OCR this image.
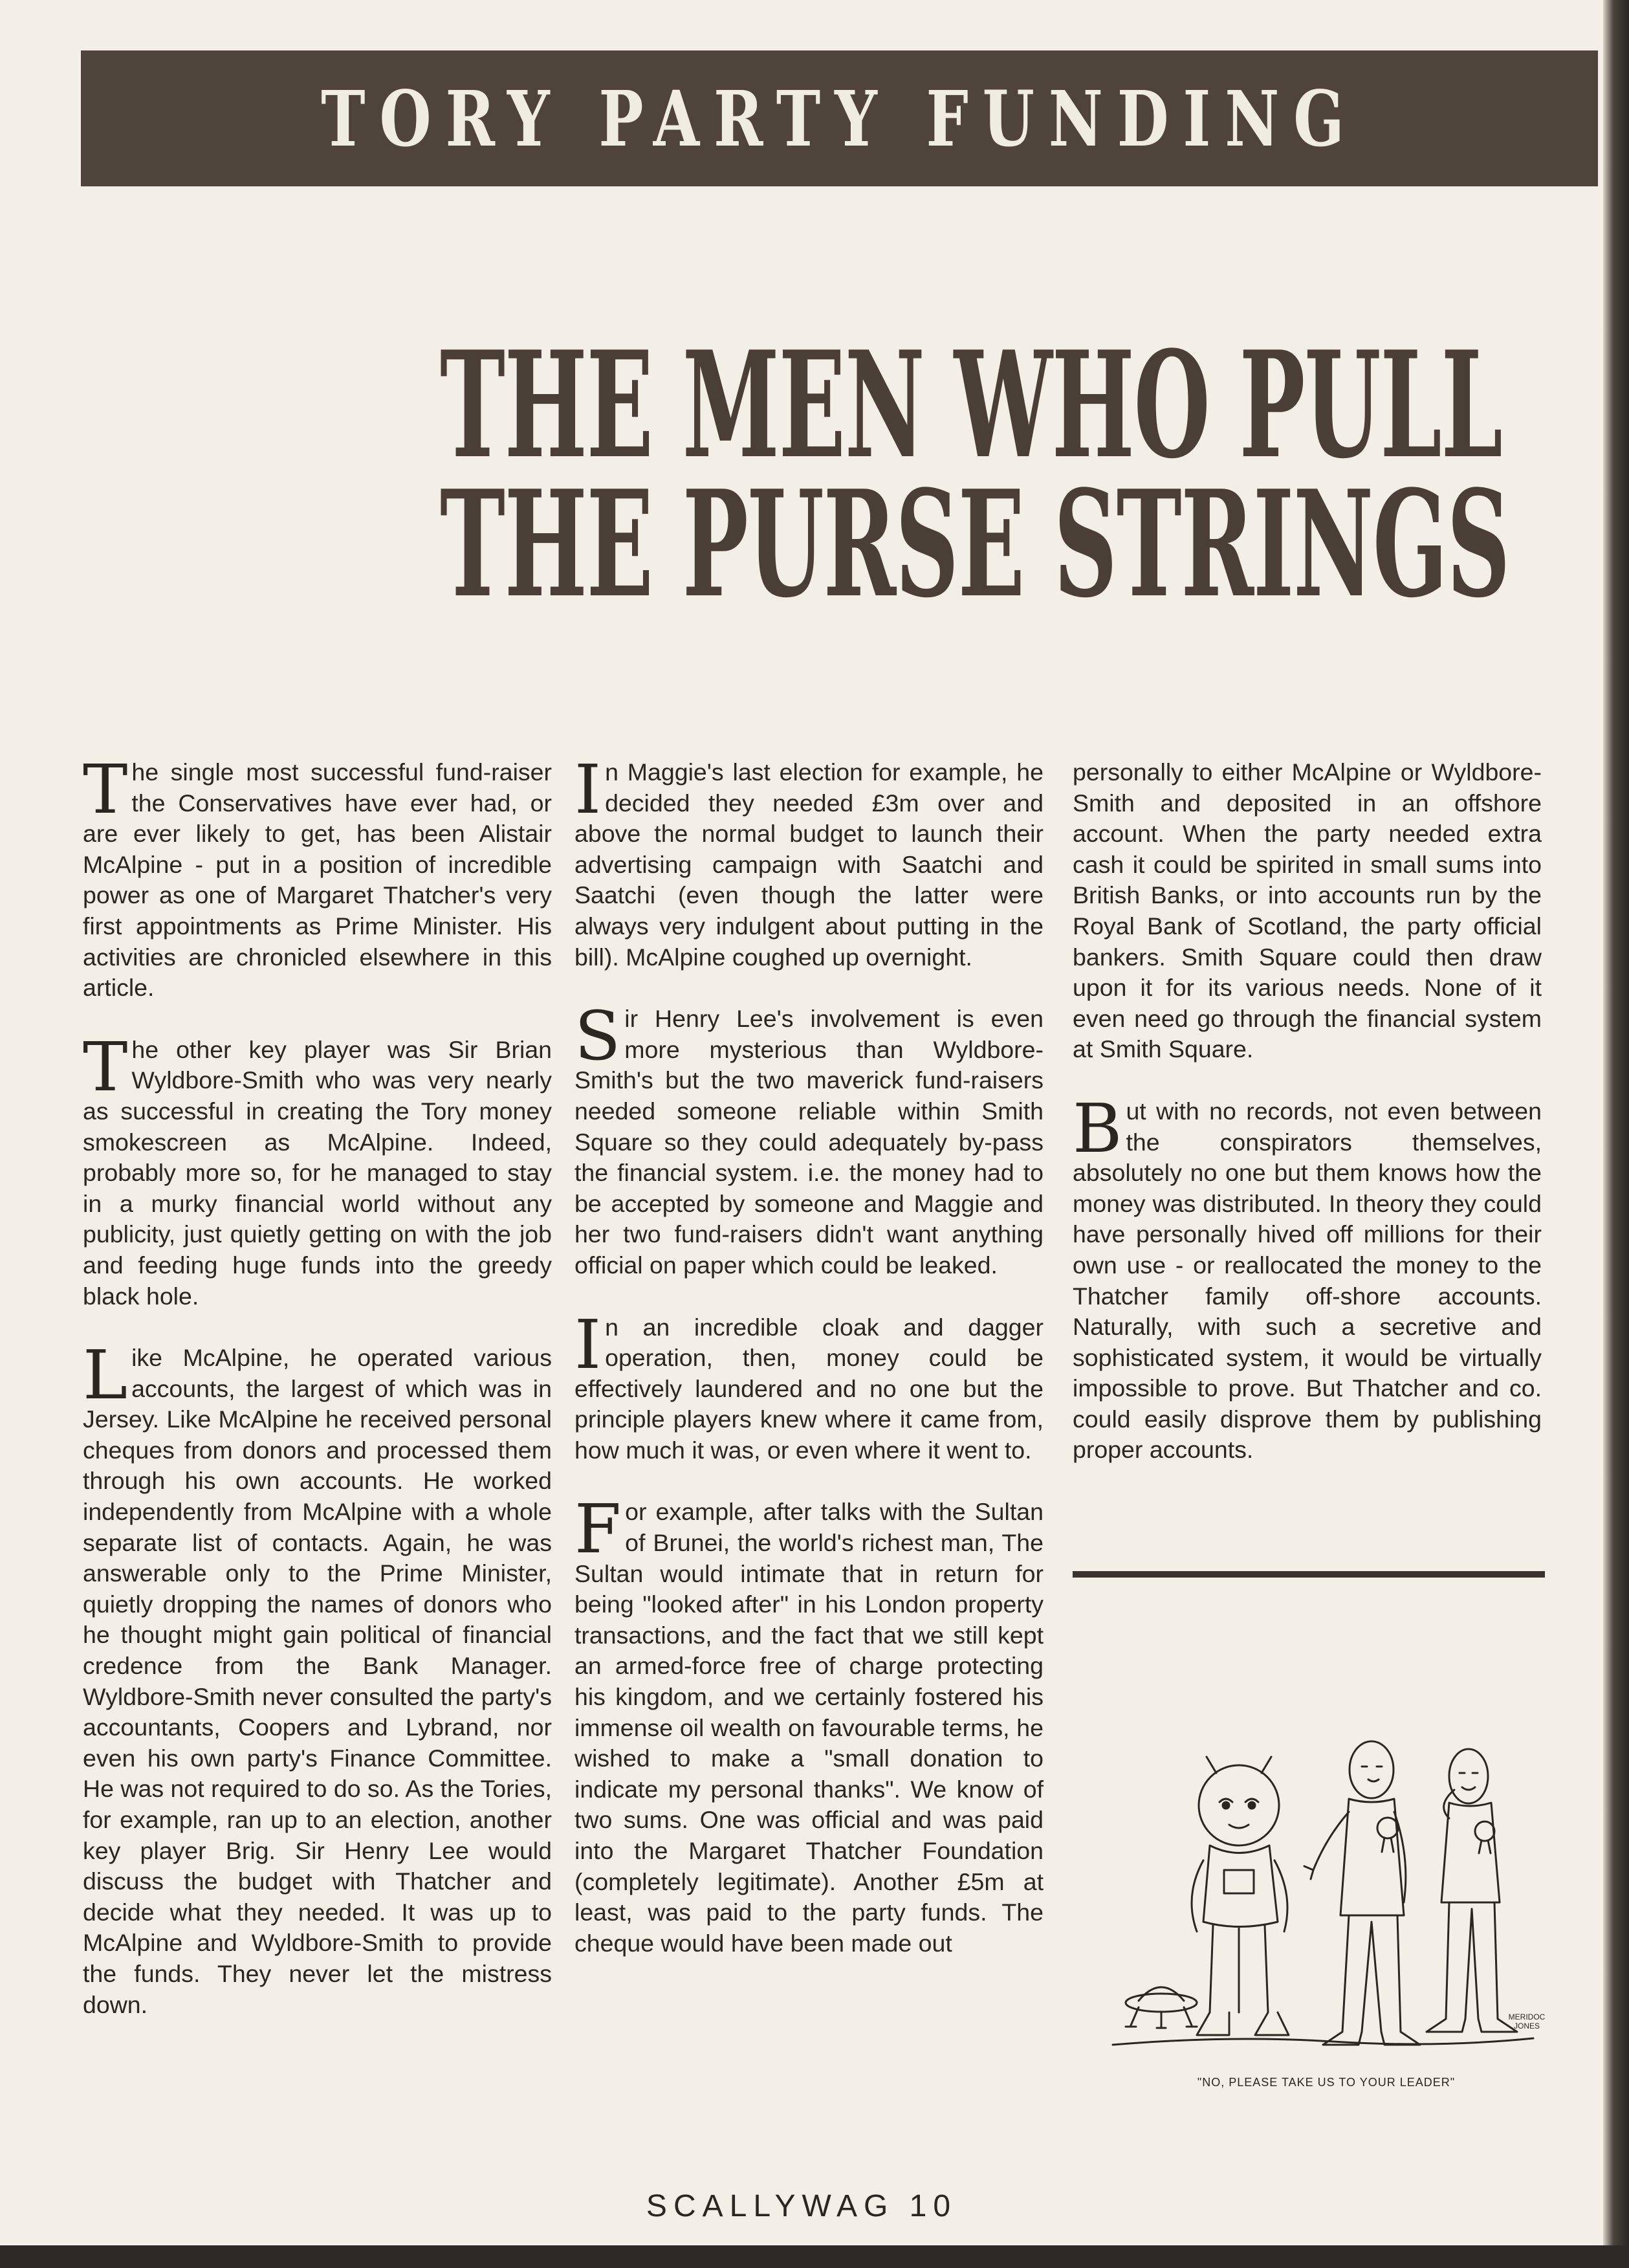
TORY PARTY FUNDING
THE MEN WHO PULL
THE PURSE STRINGS

The single most successful fund-raiser the Conservatives have ever had, or are ever likely to get, has been Alistair McAlpine - put in a position of incredible power as one of Margaret Thatcher's very first appointments as Prime Minister. His activities are chronicled elsewhere in this article.

The other key player was Sir Brian Wyldbore-Smith who was very nearly as successful in creating the Tory money smokescreen as McAlpine. Indeed, probably more so, for he managed to stay in a murky financial world without any publicity, just quietly getting on with the job and feeding huge funds into the greedy black hole.

Like McAlpine, he operated various accounts, the largest of which was in Jersey. Like McAlpine he received personal cheques from donors and processed them through his own accounts. He worked independently from McAlpine with a whole separate list of contacts. Again, he was answerable only to the Prime Minister, quietly dropping the names of donors who he thought might gain political of financial credence from the Bank Manager. Wyldbore-Smith never consulted the party's accountants, Coopers and Lybrand, nor even his own party's Finance Committee. He was not required to do so. As the Tories, for example, ran up to an election, another key player Brig. Sir Henry Lee would discuss the budget with Thatcher and decide what they needed. It was up to McAlpine and Wyldbore-Smith to provide the funds. They never let the mistress down.

In Maggie's last election for example, he decided they needed £3m over and above the normal budget to launch their advertising campaign with Saatchi and Saatchi (even though the latter were always very indulgent about putting in the bill). McAlpine coughed up overnight.

Sir Henry Lee's involvement is even more mysterious than Wyldbore-Smith's but the two maverick fund-raisers needed someone reliable within Smith Square so they could adequately by-pass the financial system. i.e. the money had to be accepted by someone and Maggie and her two fund-raisers didn't want anything official on paper which could be leaked.

In an incredible cloak and dagger operation, then, money could be effectively laundered and no one but the principle players knew where it came from, how much it was, or even where it went to.

For example, after talks with the Sultan of Brunei, the world's richest man, The Sultan would intimate that in return for being "looked after" in his London property transactions, and the fact that we still kept an armed-force free of charge protecting his kingdom, and we certainly fostered his immense oil wealth on favourable terms, he wished to make a "small donation to indicate my personal thanks". We know of two sums. One was official and was paid into the Margaret Thatcher Foundation (completely legitimate). Another £5m at least, was paid to the party funds. The cheque would have been made out

personally to either McAlpine or Wyldbore-Smith and deposited in an offshore account. When the party needed extra cash it could be spirited in small sums into British Banks, or into accounts run by the Royal Bank of Scotland, the party official bankers. Smith Square could then draw upon it for its various needs. None of it even need go through the financial system at Smith Square.

But with no records, not even between the conspirators themselves, absolutely no one but them knows how the money was distributed. In theory they could have personally hived off millions for their own use - or reallocated the money to the Thatcher family off-shore accounts. Naturally, with such a secretive and sophisticated system, it would be virtually impossible to prove. But Thatcher and co. could easily disprove them by publishing proper accounts.

MERIDOC JONES
"NO, PLEASE TAKE US TO YOUR LEADER"
SCALLYWAG 10
